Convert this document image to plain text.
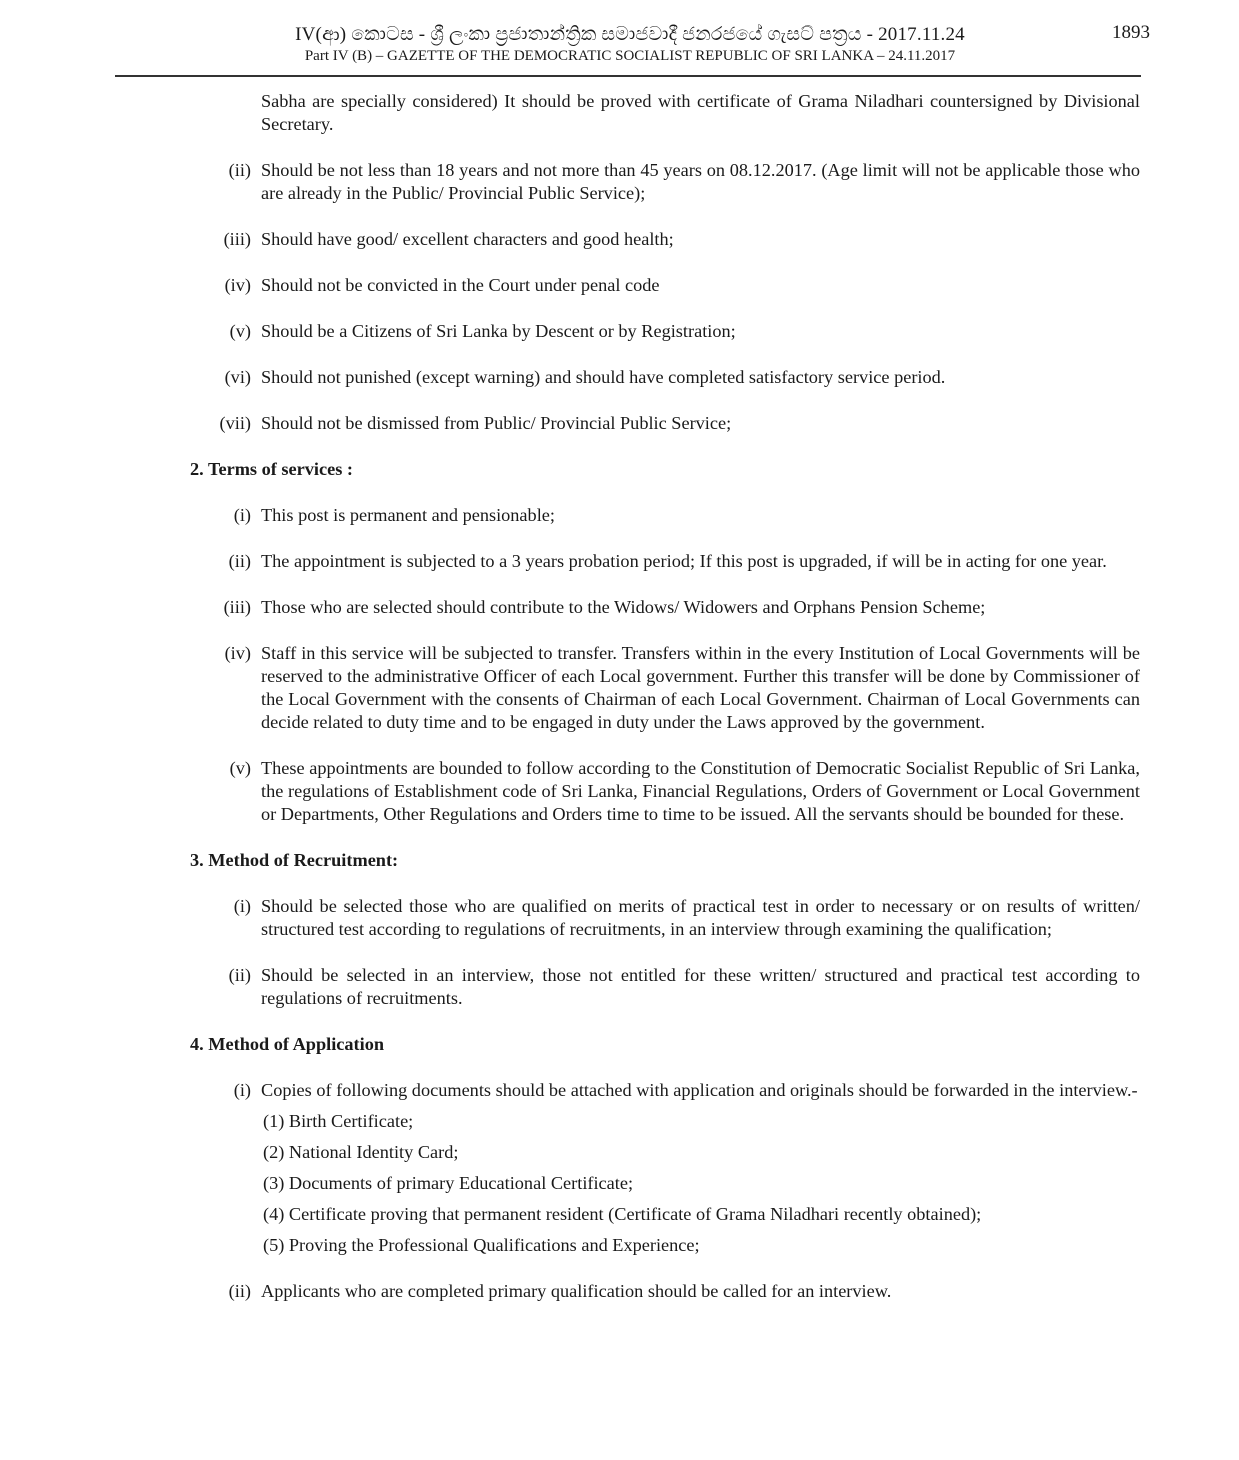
IV(ආ) කොටස - ශ්‍රී ලංකා ප්‍රජාතාන්ත්‍රික සමාජවාදී ජනරජයේ ගැසට් පත්‍රය - 2017.11.24
Part IV (B) – GAZETTE OF THE DEMOCRATIC SOCIALIST REPUBLIC OF SRI LANKA – 24.11.2017
1893
Sabha are specially considered) It should be proved with certificate of Grama Niladhari countersigned by Divisional Secretary.
(ii) Should be not less than 18 years and not more than 45 years on 08.12.2017. (Age limit will not be applicable those who are already in the Public/ Provincial Public Service);
(iii) Should have good/ excellent characters and good health;
(iv) Should not be convicted in the Court under penal code
(v) Should be a Citizens of Sri Lanka by Descent or by Registration;
(vi) Should not punished (except warning) and should have completed satisfactory service period.
(vii) Should not be dismissed from Public/ Provincial Public Service;
2. Terms of services :
(i) This post is permanent and pensionable;
(ii) The appointment is subjected to a 3 years probation period; If this post is upgraded, if will be in acting for one year.
(iii) Those who are selected should contribute to the Widows/ Widowers and Orphans Pension Scheme;
(iv) Staff in this service will be subjected to transfer. Transfers within in the every Institution of Local Governments will be reserved to the administrative Officer of each Local government. Further this transfer will be done by Commissioner of the Local Government with the consents of Chairman of each Local Government. Chairman of Local Governments can decide related to duty time and to be engaged in duty under the Laws approved by the government.
(v) These appointments are bounded to follow according to the Constitution of Democratic Socialist Republic of Sri Lanka, the regulations of Establishment code of Sri Lanka, Financial Regulations, Orders of Government or Local Government or Departments, Other Regulations and Orders time to time to be issued. All the servants should be bounded for these.
3. Method of Recruitment:
(i) Should be selected those who are qualified on merits of practical test in order to necessary or on results of written/ structured test according to regulations of recruitments, in an interview through examining the qualification;
(ii) Should be selected in an interview, those not entitled for these written/ structured and practical test according to regulations of recruitments.
4. Method of Application
(i) Copies of following documents should be attached with application and originals should be forwarded in the interview.-
(1) Birth Certificate;
(2) National Identity Card;
(3) Documents of primary Educational Certificate;
(4) Certificate proving that permanent resident (Certificate of Grama Niladhari recently obtained);
(5) Proving the Professional Qualifications and Experience;
(ii) Applicants who are completed primary qualification should be called for an interview.
